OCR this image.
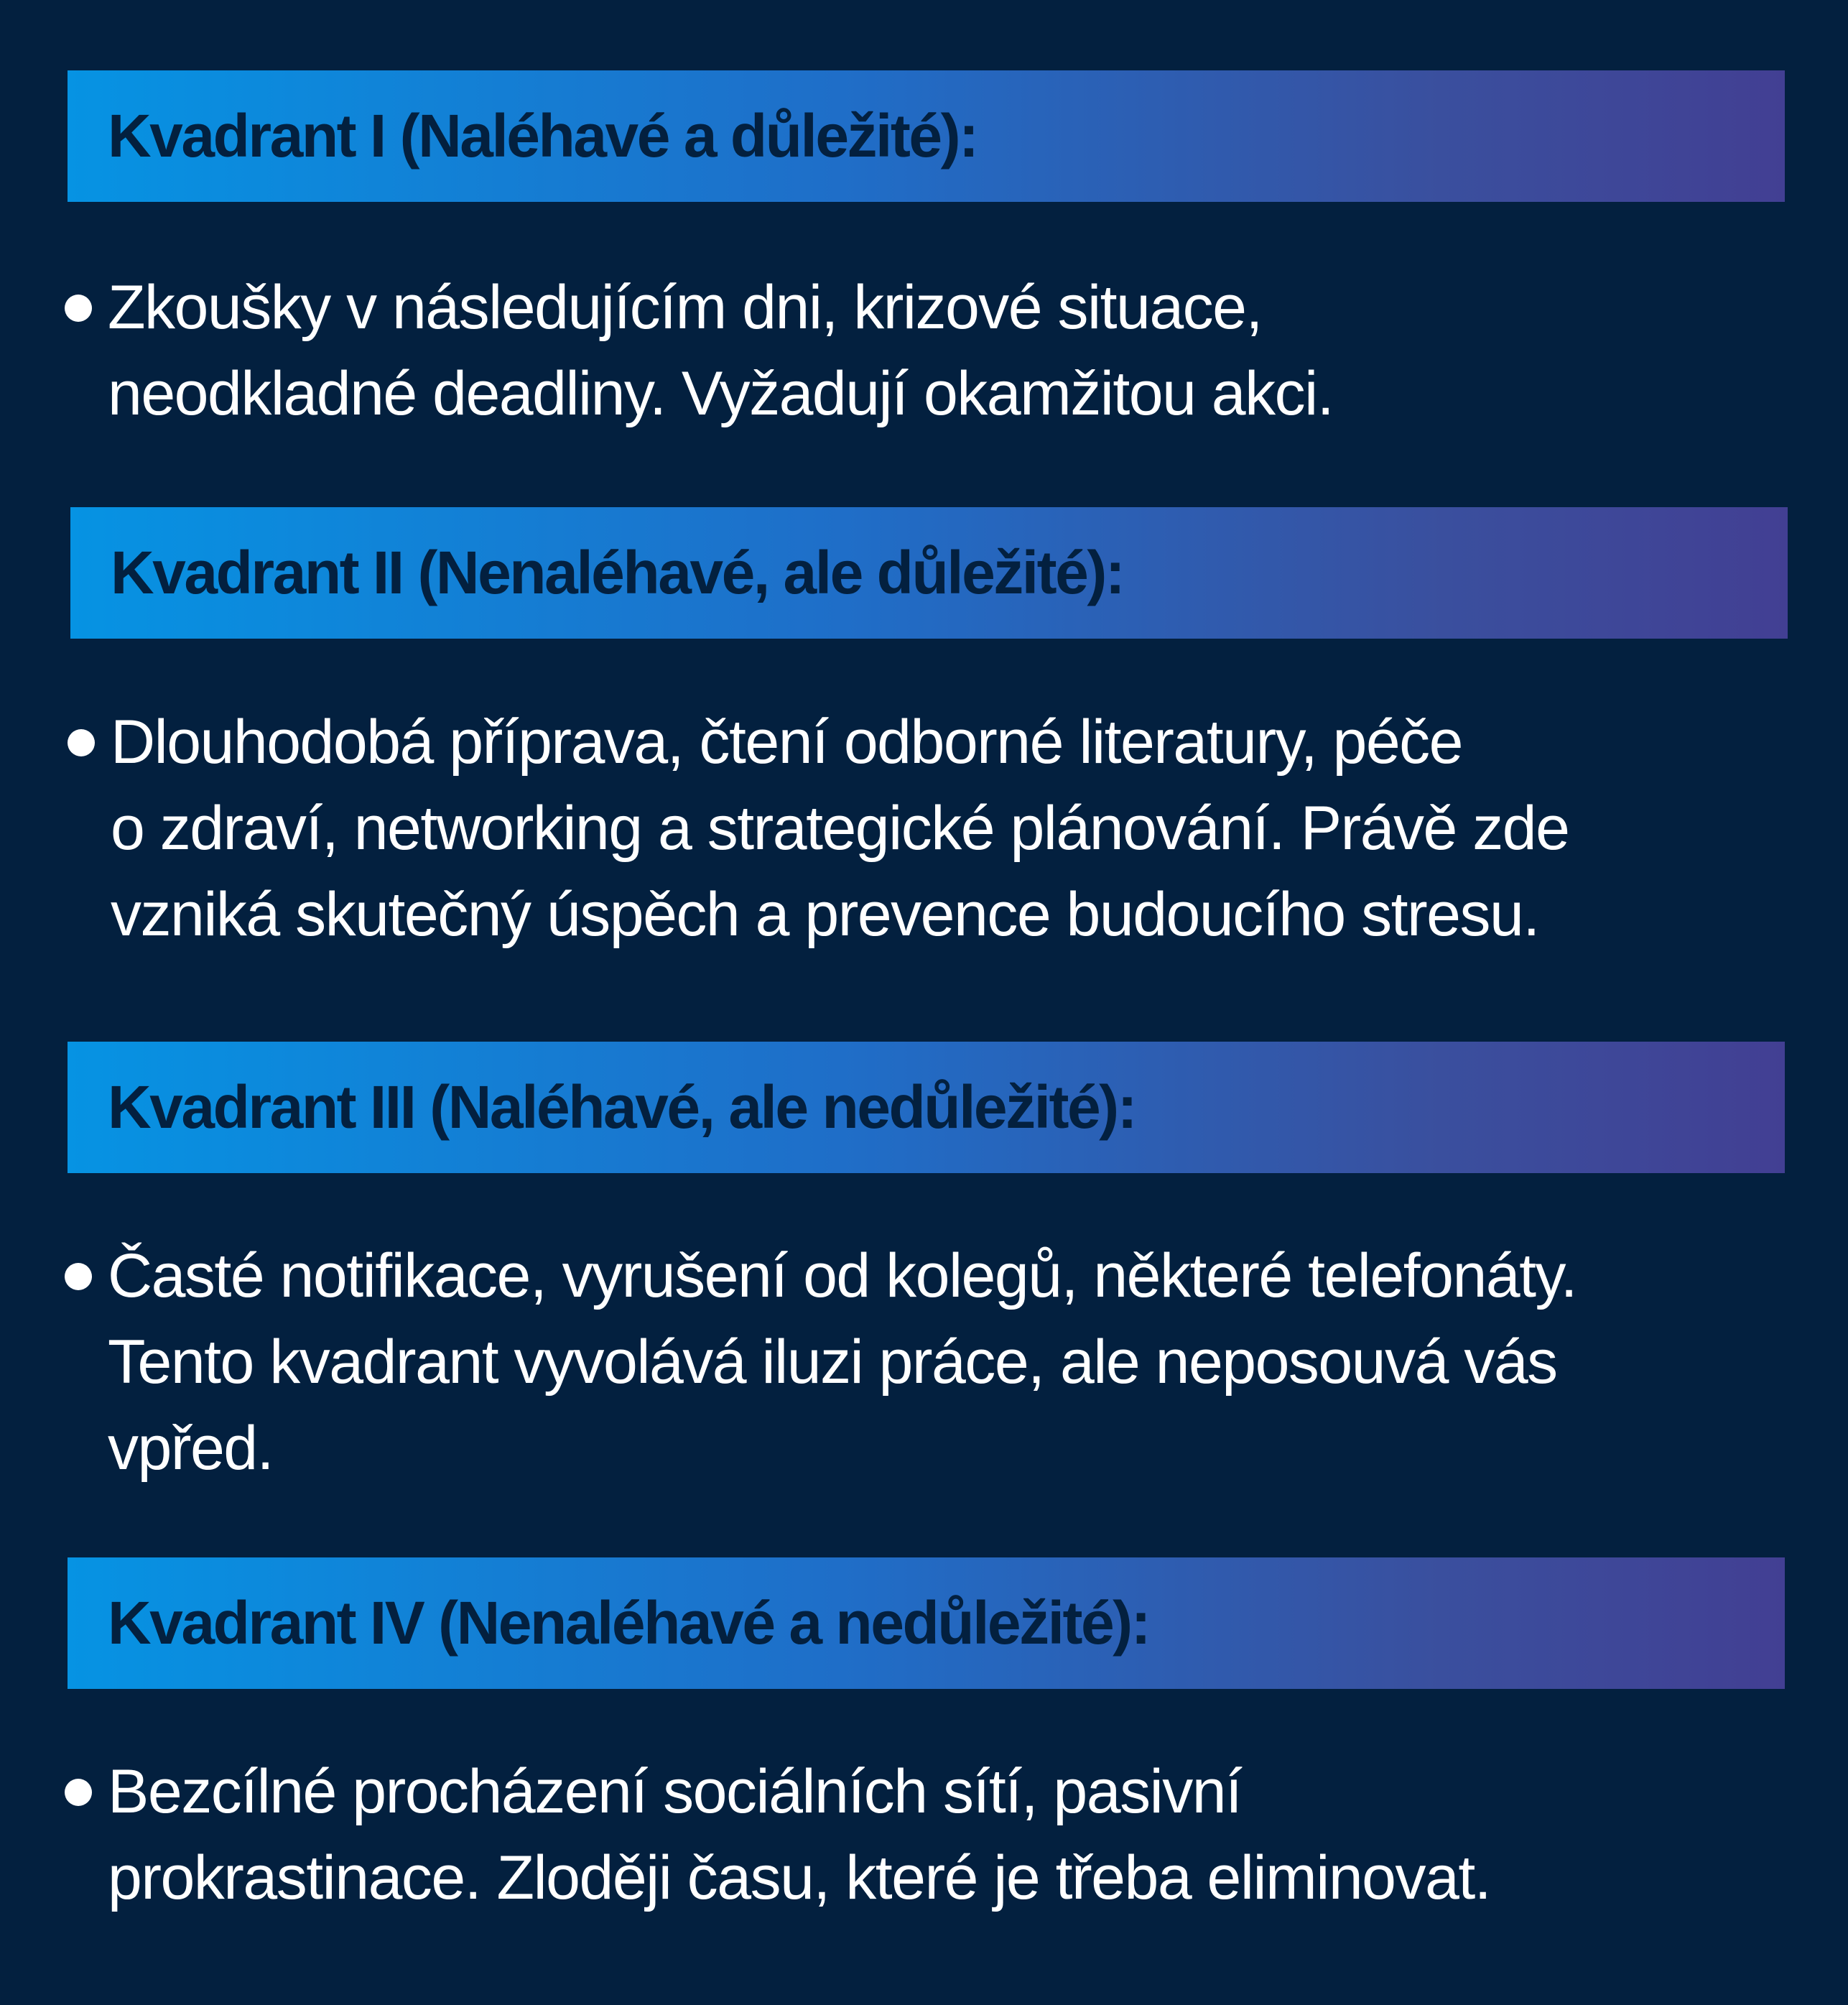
Kvadrant I (Naléhavé a důležité):
Zkoušky v následujícím dni, krizové situace,
neodkladné deadliny. Vyžadují okamžitou akci.
Kvadrant II (Nenaléhavé, ale důležité):
Dlouhodobá příprava, čtení odborné literatury, péče
o zdraví, networking a strategické plánování. Právě zde
vzniká skutečný úspěch a prevence budoucího stresu.
Kvadrant III (Naléhavé, ale nedůležité):
Časté notifikace, vyrušení od kolegů, některé telefonáty.
Tento kvadrant vyvolává iluzi práce, ale neposouvá vás
vpřed.
Kvadrant IV (Nenaléhavé a nedůležité):
Bezcílné procházení sociálních sítí, pasivní
prokrastinace. Zloději času, které je třeba eliminovat.
